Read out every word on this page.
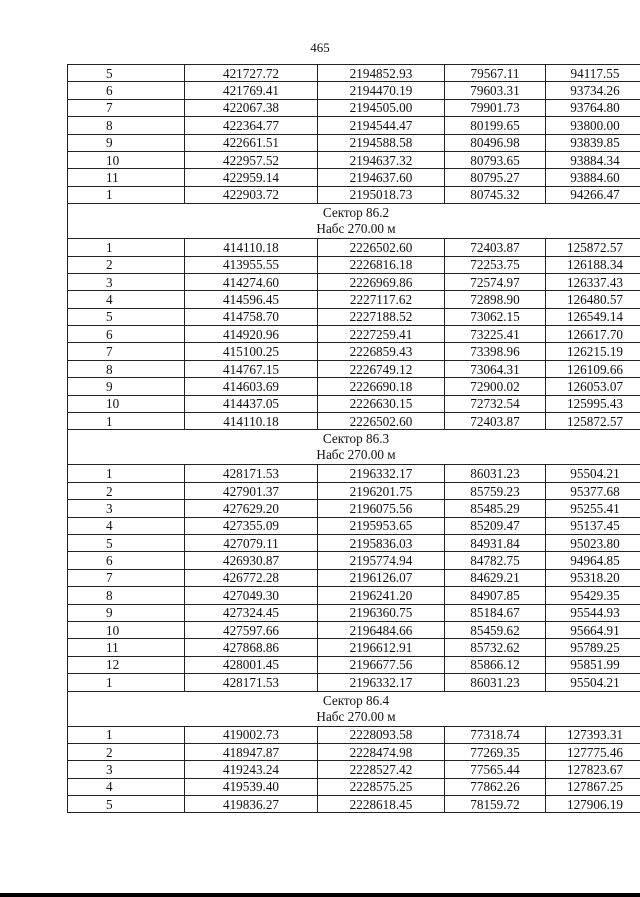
465
5	421727.72	2194852.93	79567.11	94117.55
6	421769.41	2194470.19	79603.31	93734.26
7	422067.38	2194505.00	79901.73	93764.80
8	422364.77	2194544.47	80199.65	93800.00
9	422661.51	2194588.58	80496.98	93839.85
10	422957.52	2194637.32	80793.65	93884.34
11	422959.14	2194637.60	80795.27	93884.60
1	422903.72	2195018.73	80745.32	94266.47

Сектор 86.2
Набс 270.00 м				

1	414110.18	2226502.60	72403.87	125872.57
2	413955.55	2226816.18	72253.75	126188.34
3	414274.60	2226969.86	72574.97	126337.43
4	414596.45	2227117.62	72898.90	126480.57
5	414758.70	2227188.52	73062.15	126549.14
6	414920.96	2227259.41	73225.41	126617.70
7	415100.25	2226859.43	73398.96	126215.19
8	414767.15	2226749.12	73064.31	126109.66
9	414603.69	2226690.18	72900.02	126053.07
10	414437.05	2226630.15	72732.54	125995.43
1	414110.18	2226502.60	72403.87	125872.57

Сектор 86.3
Набс 270.00 м				

1	428171.53	2196332.17	86031.23	95504.21
2	427901.37	2196201.75	85759.23	95377.68
3	427629.20	2196075.56	85485.29	95255.41
4	427355.09	2195953.65	85209.47	95137.45
5	427079.11	2195836.03	84931.84	95023.80
6	426930.87	2195774.94	84782.75	94964.85
7	426772.28	2196126.07	84629.21	95318.20
8	427049.30	2196241.20	84907.85	95429.35
9	427324.45	2196360.75	85184.67	95544.93
10	427597.66	2196484.66	85459.62	95664.91
11	427868.86	2196612.91	85732.62	95789.25
12	428001.45	2196677.56	85866.12	95851.99
1	428171.53	2196332.17	86031.23	95504.21

Сектор 86.4
Набс 270.00 м				

1	419002.73	2228093.58	77318.74	127393.31
2	418947.87	2228474.98	77269.35	127775.46
3	419243.24	2228527.42	77565.44	127823.67
4	419539.40	2228575.25	77862.26	127867.25
5	419836.27	2228618.45	78159.72	127906.19
